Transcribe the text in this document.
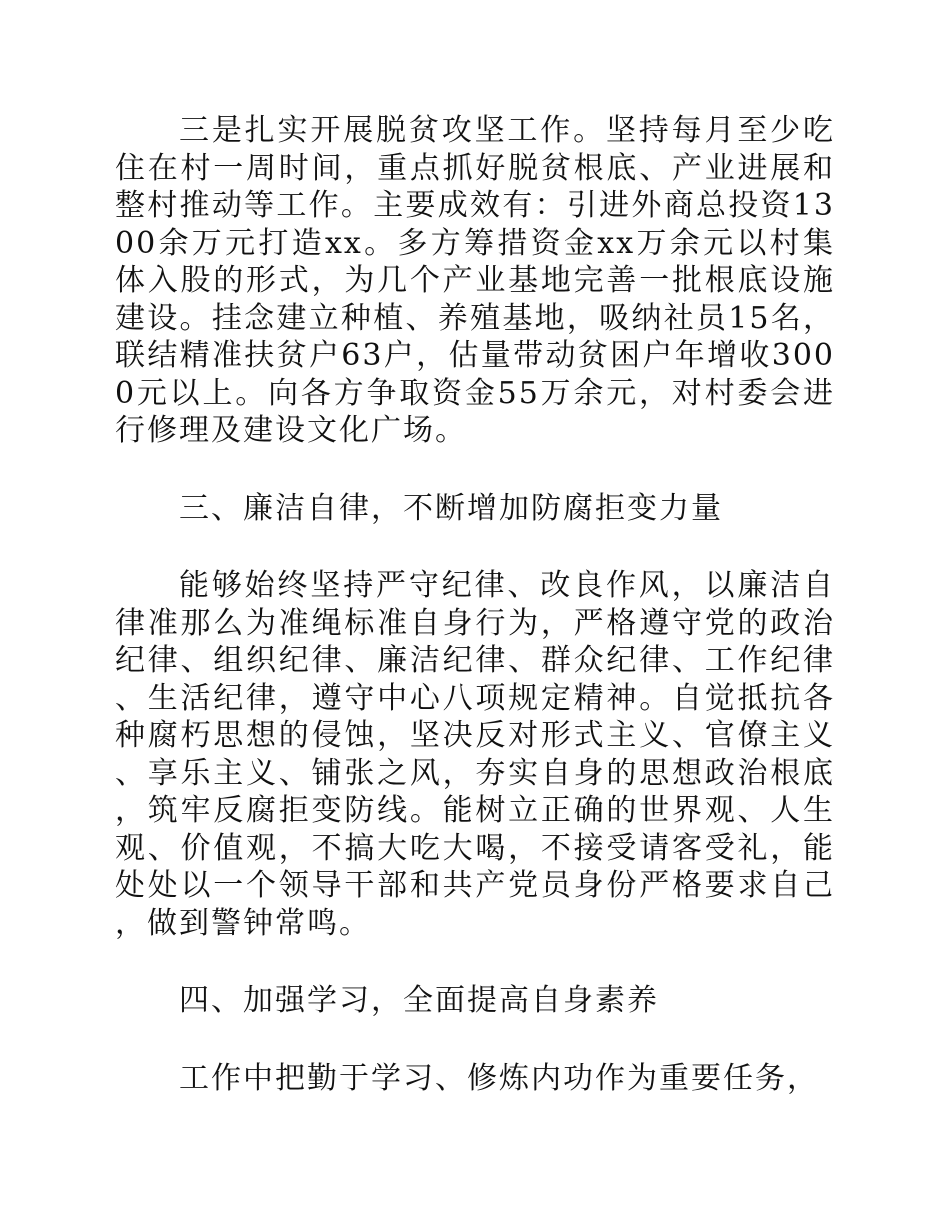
三是扎实开展脱贫攻坚工作。坚持每月至少吃住在村一周时间，重点抓好脱贫根底、产业进展和整村推动等工作。主要成效有：引进外商总投资1300余万元打造xx。多方筹措资金xx万余元以村集体入股的形式，为几个产业基地完善一批根底设施建设。挂念建立种植、养殖基地，吸纳社员15名，联结精准扶贫户63户，估量带动贫困户年增收3000元以上。向各方争取资金55万余元，对村委会进行修理及建设文化广场。

三、廉洁自律，不断增加防腐拒变力量

能够始终坚持严守纪律、改良作风，以廉洁自律准那么为准绳标准自身行为，严格遵守党的政治纪律、组织纪律、廉洁纪律、群众纪律、工作纪律、生活纪律，遵守中心八项规定精神。自觉抵抗各种腐朽思想的侵蚀，坚决反对形式主义、官僚主义、享乐主义、铺张之风，夯实自身的思想政治根底，筑牢反腐拒变防线。能树立正确的世界观、人生观、价值观，不搞大吃大喝，不接受请客受礼，能处处以一个领导干部和共产党员身份严格要求自己，做到警钟常鸣。

四、加强学习，全面提高自身素养

工作中把勤于学习、修炼内功作为重要任务，
